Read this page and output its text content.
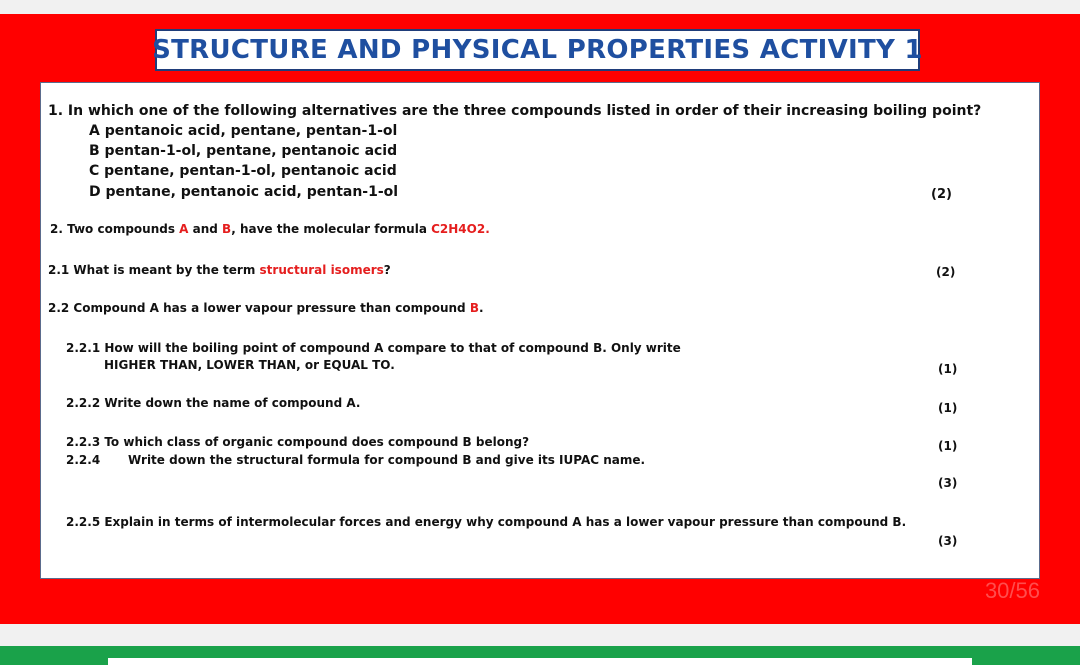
STRUCTURE AND PHYSICAL PROPERTIES ACTIVITY 1
1. In which one of the following alternatives are the three compounds listed in order of their increasing boiling point?
A pentanoic acid, pentane, pentan-1-ol
B pentan-1-ol, pentane, pentanoic acid
C pentane, pentan-1-ol, pentanoic acid
D pentane, pentanoic acid, pentan-1-ol	(2)
2. Two compounds A and B, have the molecular formula C2H4O2.
2.1 What is meant by the term structural isomers?	(2)
2.2 Compound A has a lower vapour pressure than compound B.
2.2.1 How will the boiling point of compound A compare to that of compound B. Only write
HIGHER THAN, LOWER THAN, or EQUAL TO.	(1)
2.2.2 Write down the name of compound A.	(1)
2.2.3 To which class of organic compound does compound B belong?	(1)
2.2.4 Write down the structural formula for compound B and give its IUPAC name.
(3)
2.2.5 Explain in terms of intermolecular forces and energy why compound A has a lower vapour pressure than compound B.
(3)
30/56
